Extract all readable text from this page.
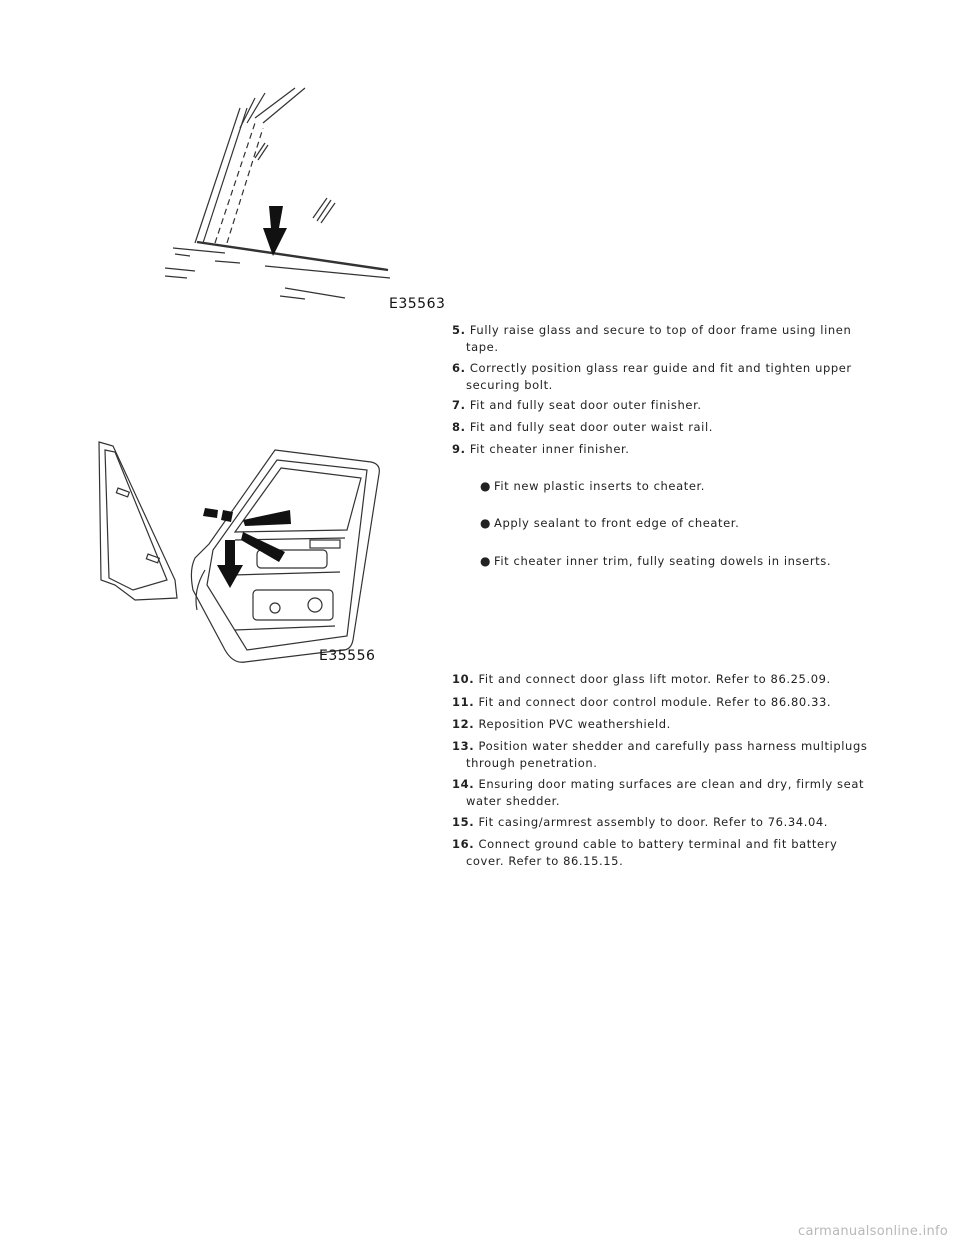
E35563
E35556
5. Fully raise glass and secure to top of door frame using linen
tape.
6. Correctly position glass rear guide and fit and tighten upper
securing bolt.
7. Fit and fully seat door outer finisher.
8. Fit and fully seat door outer waist rail.
9. Fit cheater inner finisher.
● Fit new plastic inserts to cheater.
● Apply sealant to front edge of cheater.
● Fit cheater inner trim, fully seating dowels in inserts.
10. Fit and connect door glass lift motor. Refer to 86.25.09.
11. Fit and connect door control module. Refer to 86.80.33.
12. Reposition PVC weathershield.
13. Position water shedder and carefully pass harness multiplugs
through penetration.
14. Ensuring door mating surfaces are clean and dry, firmly seat
water shedder.
15. Fit casing/armrest assembly to door. Refer to 76.34.04.
16. Connect ground cable to battery terminal and fit battery
cover. Refer to 86.15.15.
carmanualsonline.info
